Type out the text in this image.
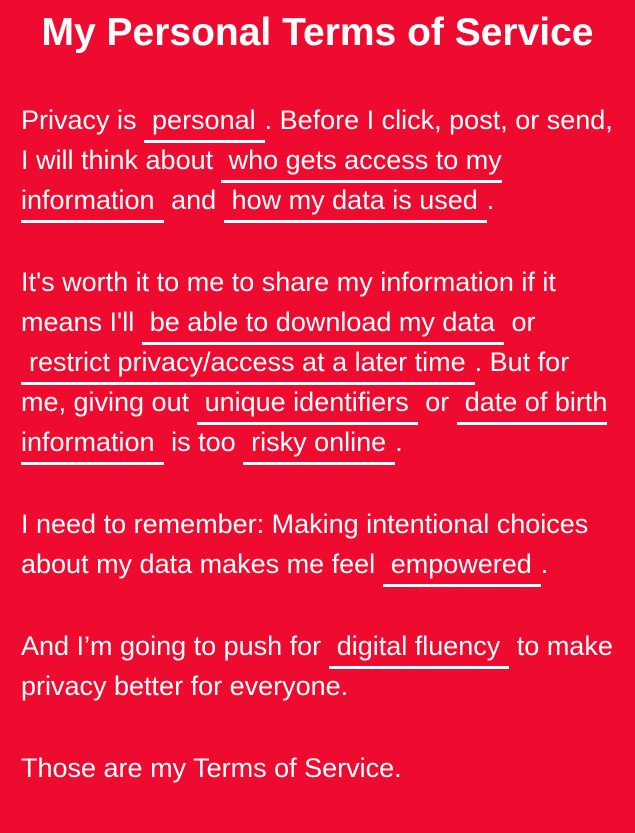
My Personal Terms of Service

Privacy is personal . Before I click, post, or send, I will think about who gets access to my information and how my data is used .

It's worth it to me to share my information if it means I'll be able to download my data or restrict privacy/access at a later time . But for me, giving out unique identifiers or date of birth information is too risky online .

I need to remember: Making intentional choices about my data makes me feel empowered .

And I’m going to push for digital fluency to make privacy better for everyone.

Those are my Terms of Service.
